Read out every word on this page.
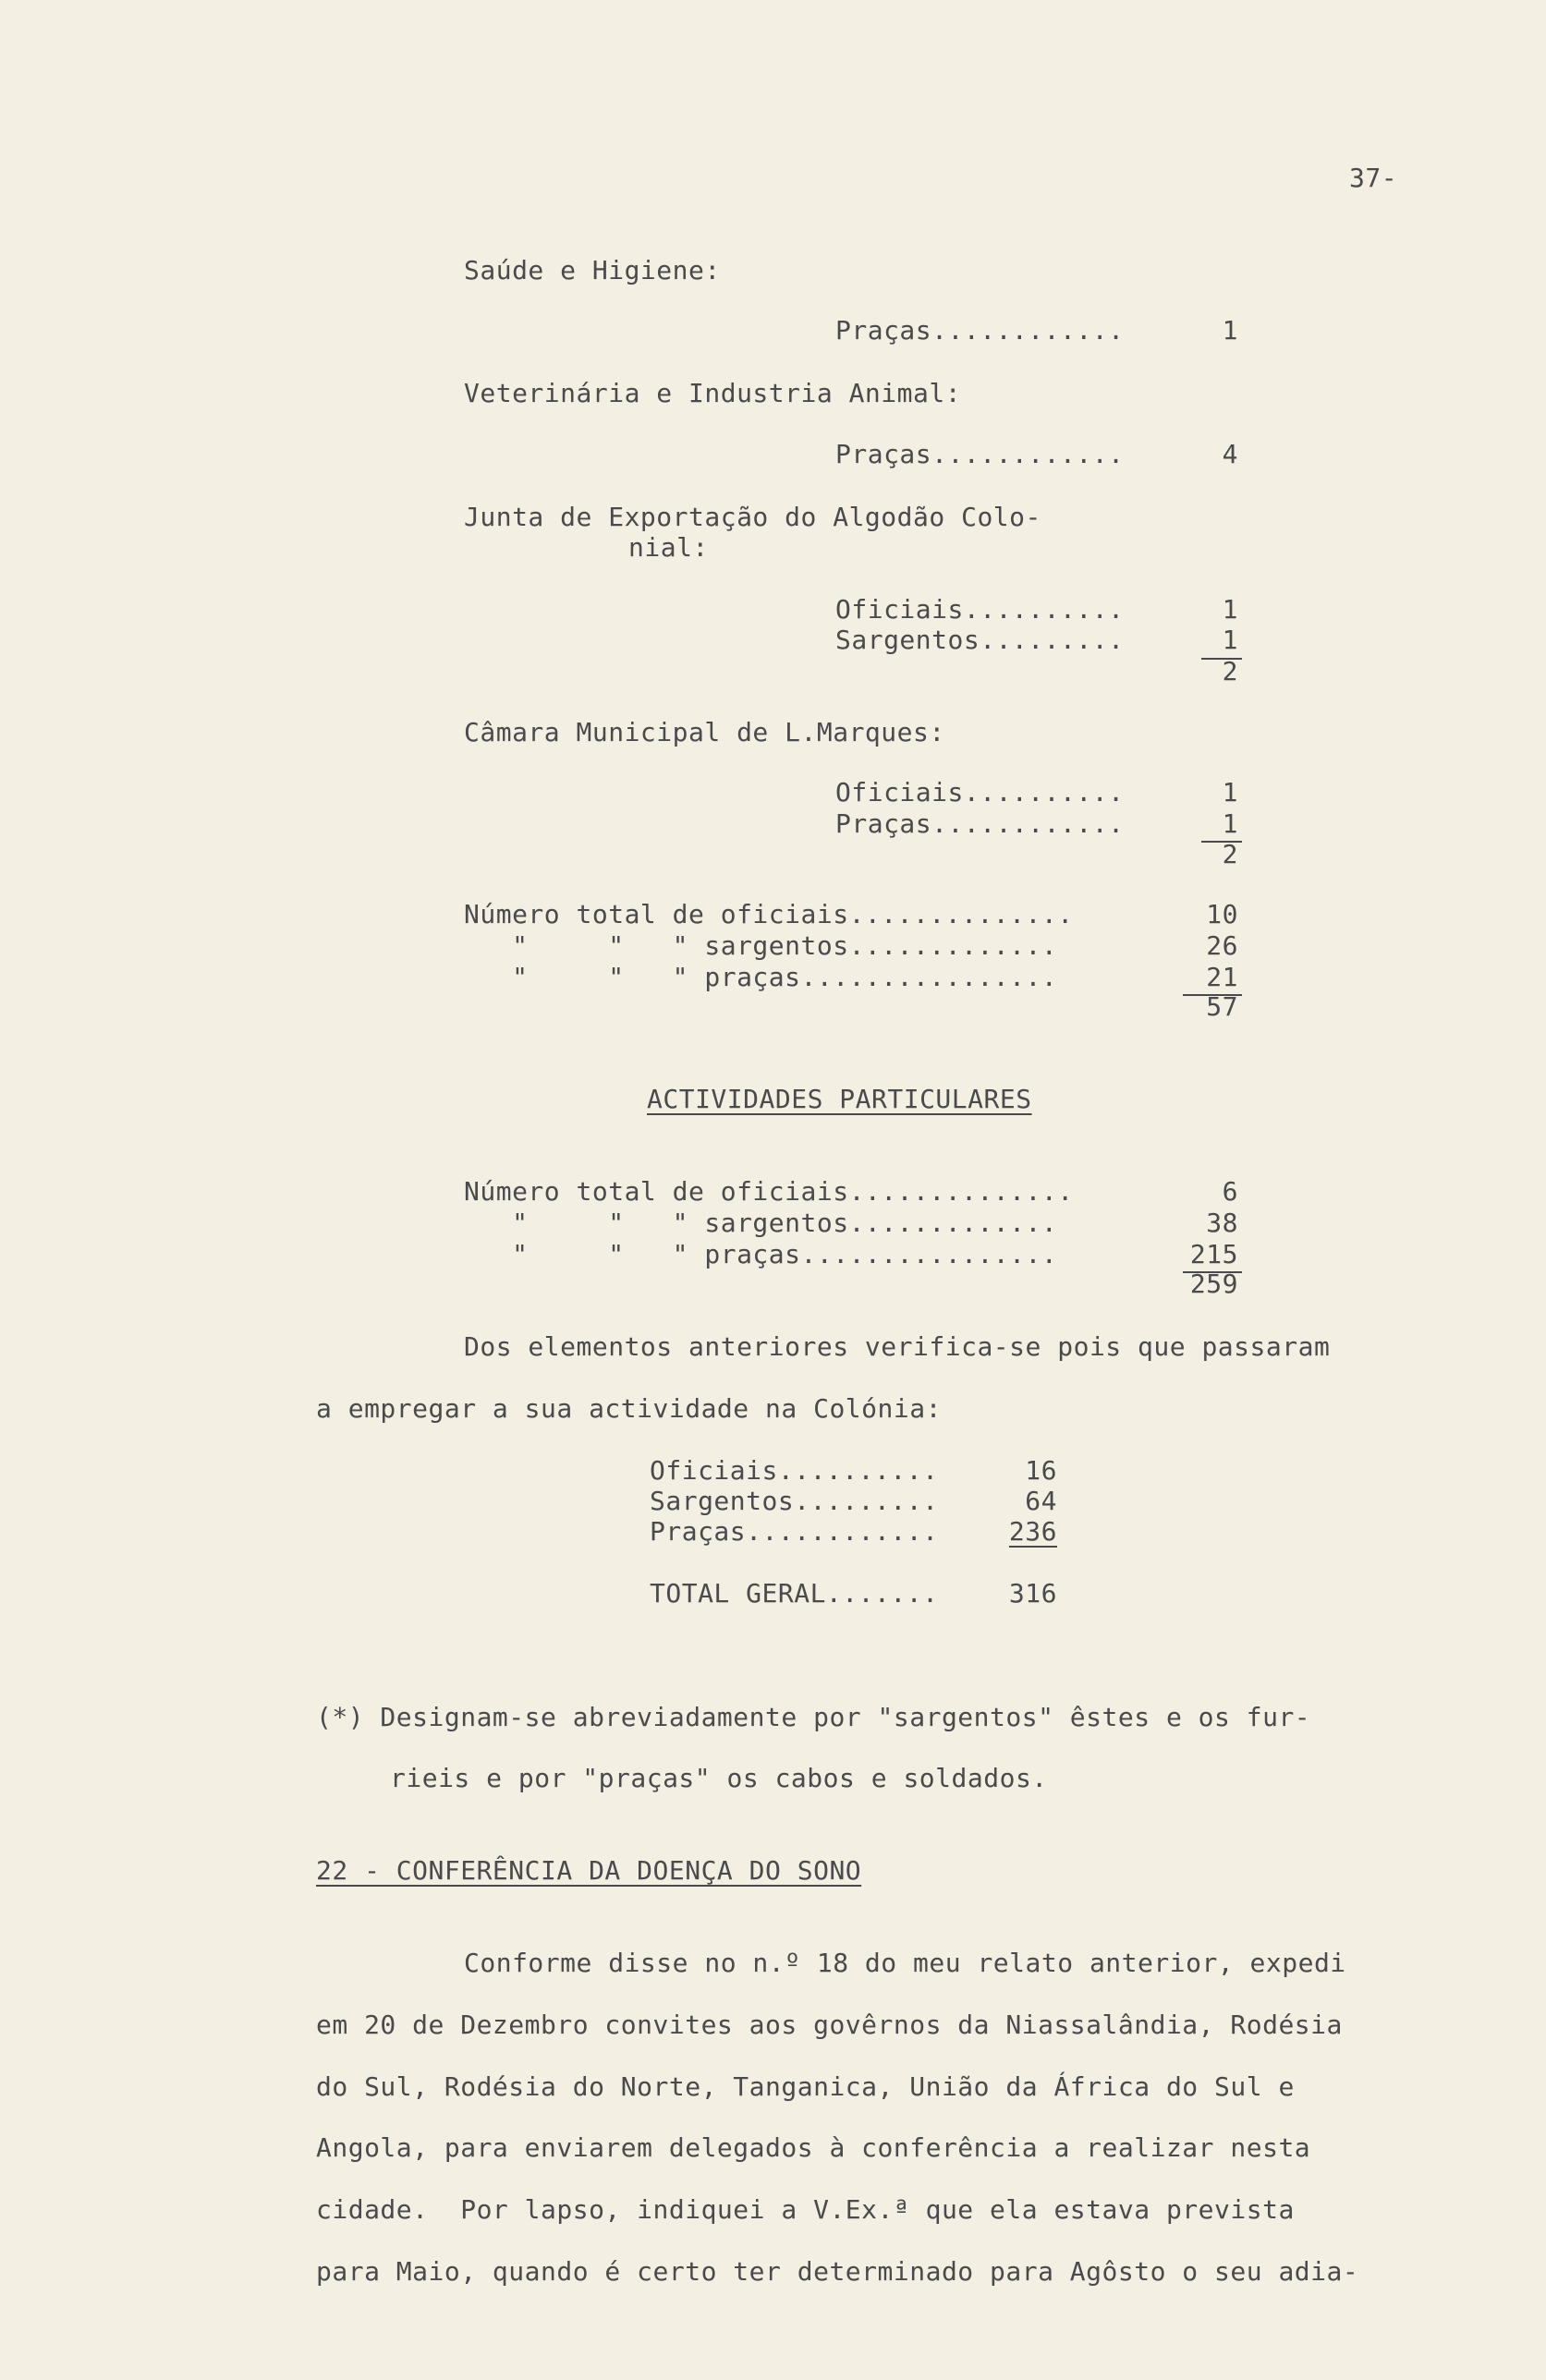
37-
Saúde e Higiene:
Praças............	1
Veterinária e Industria Animal:
Praças............	4
Junta de Exportação do Algodão Colo-
nial:
Oficiais..........	1
Sargentos.........	1
2
Câmara Municipal de L.Marques:
Oficiais..........	1
Praças............	1
2
Número total de oficiais..............	10
"     "   " sargentos.............	26
"     "   " praças................	21
57
ACTIVIDADES PARTICULARES
Número total de oficiais..............	6
"     "   " sargentos.............	38
"     "   " praças................	215
259
Dos elementos anteriores verifica-se pois que passaram
a empregar a sua actividade na Colónia:
Oficiais..........	16
Sargentos.........	64
Praças............	236
TOTAL GERAL.......	316
(*) Designam-se abreviadamente por "sargentos" êstes e os fur-
rieis e por "praças" os cabos e soldados.
22 - CONFERÊNCIA DA DOENÇA DO SONO
Conforme disse no n.º 18 do meu relato anterior, expedi
em 20 de Dezembro convites aos govêrnos da Niassalândia, Rodésia
do Sul, Rodésia do Norte, Tanganica, União da África do Sul e
Angola, para enviarem delegados à conferência a realizar nesta
cidade.  Por lapso, indiquei a V.Ex.ª que ela estava prevista
para Maio, quando é certo ter determinado para Agôsto o seu adia-
